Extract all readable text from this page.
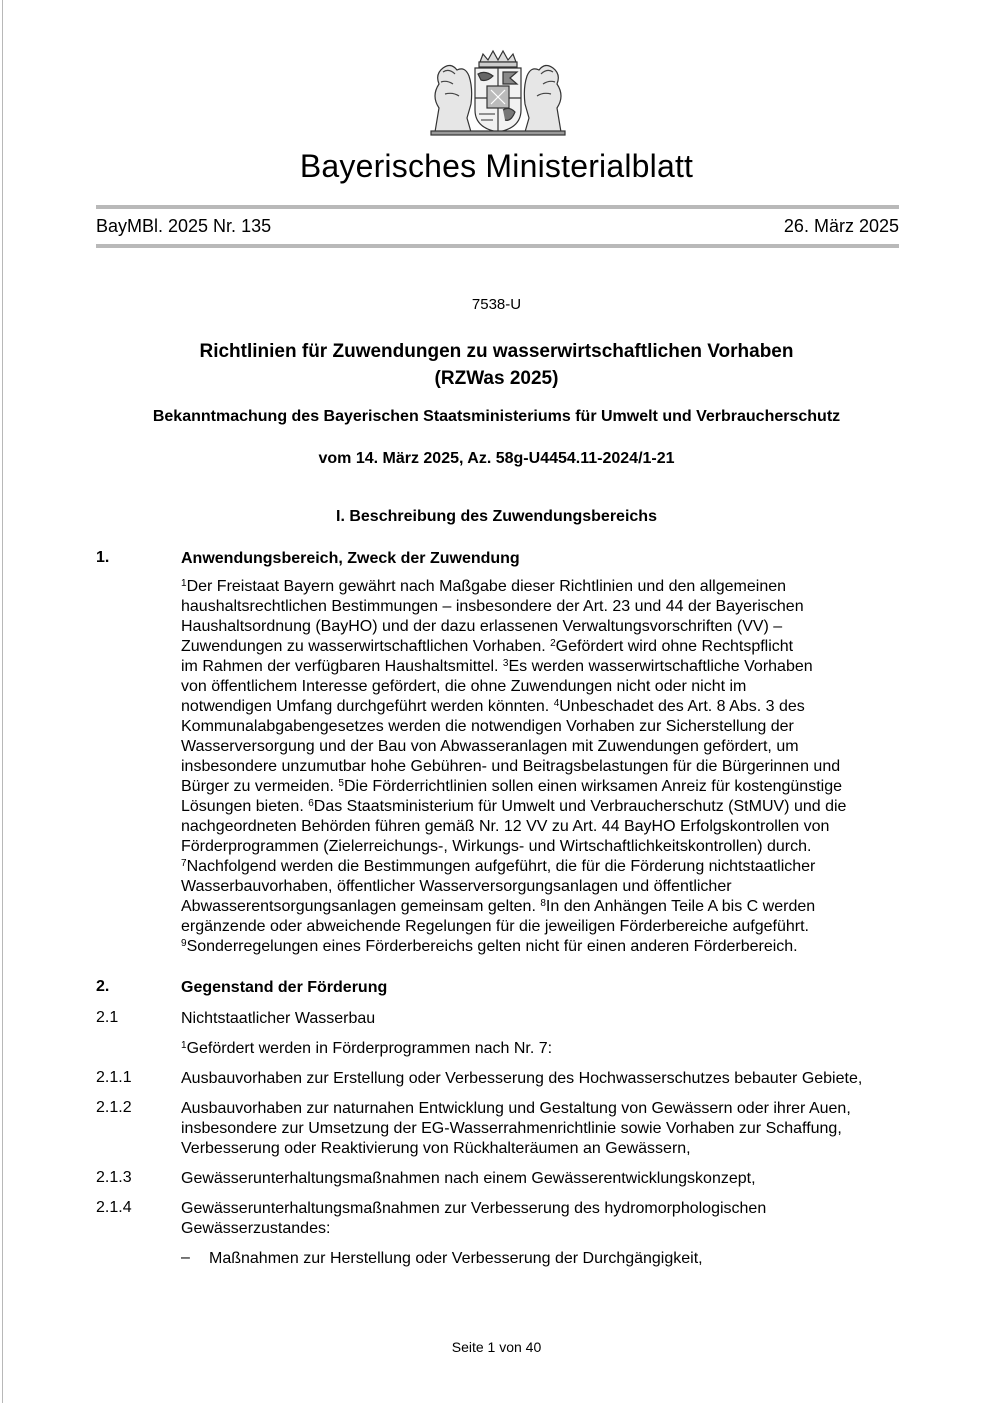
Bayerisches Ministerialblatt
BayMBl. 2025 Nr. 135	26. März 2025
7538-U
Richtlinien für Zuwendungen zu wasserwirtschaftlichen Vorhaben
(RZWas 2025)
Bekanntmachung des Bayerischen Staatsministeriums für Umwelt und Verbraucherschutz
vom 14. März 2025, Az. 58g-U4454.11-2024/1-21
I. Beschreibung des Zuwendungsbereichs
1.	Anwendungsbereich, Zweck der Zuwendung
$^1$Der Freistaat Bayern gewährt nach Maßgabe dieser Richtlinien und den allgemeinen
haushaltsrechtlichen Bestimmungen – insbesondere der Art. 23 und 44 der Bayerischen
Haushaltsordnung (BayHO) und der dazu erlassenen Verwaltungsvorschriften (VV) –
Zuwendungen zu wasserwirtschaftlichen Vorhaben. $^2$Gefördert wird ohne Rechtspflicht
im Rahmen der verfügbaren Haushaltsmittel. $^3$Es werden wasserwirtschaftliche Vorhaben
von öffentlichem Interesse gefördert, die ohne Zuwendungen nicht oder nicht im
notwendigen Umfang durchgeführt werden könnten. $^4$Unbeschadet des Art. 8 Abs. 3 des
Kommunalabgabengesetzes werden die notwendigen Vorhaben zur Sicherstellung der
Wasserversorgung und der Bau von Abwasseranlagen mit Zuwendungen gefördert, um
insbesondere unzumutbar hohe Gebühren- und Beitragsbelastungen für die Bürgerinnen und
Bürger zu vermeiden. $^5$Die Förderrichtlinien sollen einen wirksamen Anreiz für kostengünstige
Lösungen bieten. $^6$Das Staatsministerium für Umwelt und Verbraucherschutz (StMUV) und die
nachgeordneten Behörden führen gemäß Nr. 12 VV zu Art. 44 BayHO Erfolgskontrollen von
Förderprogrammen (Zielerreichungs-, Wirkungs- und Wirtschaftlichkeitskontrollen) durch.
$^7$Nachfolgend werden die Bestimmungen aufgeführt, die für die Förderung nichtstaatlicher
Wasserbauvorhaben, öffentlicher Wasserversorgungsanlagen und öffentlicher
Abwasserentsorgungsanlagen gemeinsam gelten. $^8$In den Anhängen Teile A bis C werden
ergänzende oder abweichende Regelungen für die jeweiligen Förderbereiche aufgeführt.
$^9$Sonderregelungen eines Förderbereichs gelten nicht für einen anderen Förderbereich.
2.	Gegenstand der Förderung
2.1	Nichtstaatlicher Wasserbau
$^1$Gefördert werden in Förderprogrammen nach Nr. 7:
2.1.1	Ausbauvorhaben zur Erstellung oder Verbesserung des Hochwasserschutzes bebauter Gebiete,
2.1.2	Ausbauvorhaben zur naturnahen Entwicklung und Gestaltung von Gewässern oder ihrer Auen,
insbesondere zur Umsetzung der EG-Wasserrahmenrichtlinie sowie Vorhaben zur Schaffung,
Verbesserung oder Reaktivierung von Rückhalteräumen an Gewässern,
2.1.3	Gewässerunterhaltungsmaßnahmen nach einem Gewässerentwicklungskonzept,
2.1.4	Gewässerunterhaltungsmaßnahmen zur Verbesserung des hydromorphologischen
Gewässerzustandes:
– Maßnahmen zur Herstellung oder Verbesserung der Durchgängigkeit,
Seite 1 von 40
